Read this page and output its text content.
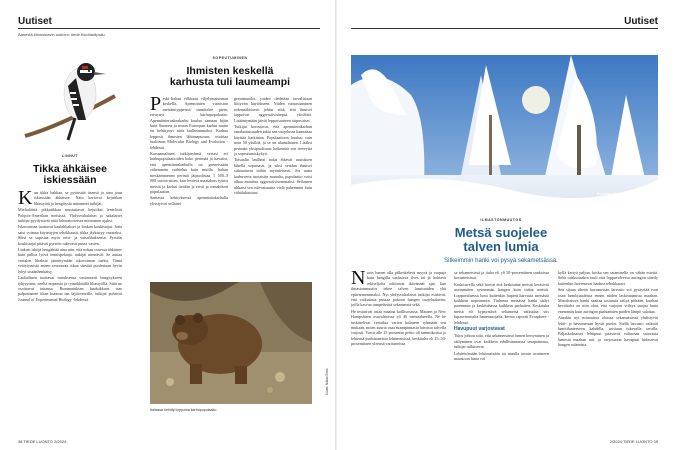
Uutiset
Äänestä kiinnostavin uutinen: tiede.fi/uutiskilpailu
LINNUT
Tikka ähkäisee
iskiessään

Kun tikka hakkaa, se pyöristää itsensä ja aina joun iskiessään ähkäisee. Näin kertovat kejuitkan lihastyötä ja hengitystä mitanneet tutkijat.

Mielialäistä pikkutikkaa mustuttavat kejuitkat lentelivät Pohjois-Amerikan metsissä. Yhdysvaltalaiset ja sakalaiset tutkijat pyydystivät niitä laboratorioissa mittausten ajaksi.

Iskuvoiman tuottavat kaulalihakset ja lonkan koukistajat. Jotta saisi voimaa käytettyjen tehokkaasti, tikka jäykistyy vasaraksi. Siksi se supistaa myös reisi- ja vatsalihaksensa. Pyrstön koukistajat pitävät pyrstön tukevasti puuta vasten.

Linkusi isköjä hengähtää aina niin, että nokan osuessa ähkäisee kuin palloa lyövä tennispelaaja, tutkijat nimeävät. Se auttaa vartalon lihaksia jännittymään iskuvoiman tueksi. Tämä vetäytymistä ennen seuraavaa iskua säestää puolestaan hyvin lyhyt sisäänhenkäisy.

Laulullinen tuottavat turtuksensa vastaavasti hengitykseen tyhjyyteen, neeltä nopeasta ja rytmikkäällä lihastyöllä. Siitä ne osoittavat taitansa. Rummutuksen laaduikkuus taas palpastamee tikan kunnon tan lajitovereille, tutkijat pohtivat Journal of Experimental Biology -lehdessä.

SOPEUTUMINEN
Ihmisten keskellä
karhusta tuli laumeampi

Peski-Italian vilkkaan viljelymaiseman keskellä, Apenniinien vuoriston metsämtyppeissä sinnittelee pieni, eristynyt karhupopulaatio. Apenniininruskeakarhu kuuluu samaan lajiin kuin Suomen ja muun Euroopan karhut mutta on kehittynyt niitä laulheammaksi. Karhua lepposti ihmisten lähinaapuruus, osoittaa tuoltimus Molecular Biology and Evolution -lehdessä.

Karsaamalinen tutkijaryhmä vertasi eri karhupopulaatioiden koko perimää ja havaitsi, että apenniininkarhulla on geeneissään vähemmän vaihtelua kuin muilla. Italian meskämmenen perimä jäipuolistaa 1 500–3 000 vuotta sitten, kun levärvä maatalous työnsi metsiä ja karhut tietilän ja eristi ja romahdutti populaation.

Samassa kehityksessä apenniininkarhulla yleistyivät sellaiset

geenimuodot, joiden tiedetään tarvalisiaan liittyvän käytökseen. Niiden runsastuminen todennäköisesti johtui siitä, että ihmiset tappoivat aggressiivisimpia yksilöitä. Lisääntymään jäivät leppoisuuteen taipuvaiset.

Tutkijat korostavat, että apenniininkarhun omalaatuisuuden takia sen suojelussa kannattaa käyttää harkintaa. Populaatioon kuuluu vain noin 50 yksilöä, ja se on uhanalainen. Lisäksi perimän yksipuolisuus heikentää sen terveyttä ja sopeutumiskykyä.

Toisaalta laulheat nalat eläävät asutuksen lähellä sopuisasti, ja siksi seudun ihmiset suhtautuvat niihin myönteisesti. Jos uutta karhuverta tuotaisiin muualta, populaatio voisi alkaa muuttua aggressiivisemmaksi. Seilainen uhkaisi sen tulevaisuutta vielä pahemmin kuin vähälukuisuus.

Italiassa kehittyi leppoisa karhupopulaatio.
38 TIEDE LUONTO 2/2024
Uutiset
Puuston suojelee lumen kerrymistä ja suluneiksi maanpinnalla.
ILMASTONMUUTOS
Metsä suojelee
talven lumia
Sitkeimmin hanki voi pysyä sekametsässä.
Kuvat: Niklas Eriss

Norin lumen alla pilkeskelevä myyrä ja varpuja kuin hangilla saalistava ilves tai jä hohtavä rekiseljoita odottavat ikävännät ajat, kun ilmastonmuutos tekee talven lumisuuden yhä epävarmemmaksi. Nyt yhdysvaltalaiset tutkijat esittävät, että vaikutusta puutaa pakoon hangen suojelualueita, joilla kasvaa tumpeiteittä sekametsiä sekä.

He testasivat asiaa maaina koillisosassa, Mainen ja New Hampshiren osavaltioissa yli 40 metsäalueella. Ne he tuskittelivat vertailua varten kolmeen ryhmään sen mukaan, miten suurta osaa maanpinnasta latvusto talvella varjosti. Varsti alle 25 prosentin peitto oli tammikoissa ja lehtensä pudottaneissa lehtimetsissä, keskituha eli 25–50-prosenttinen yleensä varttuneissa

sa sekametsissä ja tiuha eli yli 50-prosenttinen sankoissa havumetsissä.

Keskituvella sekä harvat että keskituhat metsät keräsivät useimmiten syvemmän hangen kuin tiuhat metsät. Loppuvaluessa lumi kuitenkin hupeni harvasta metsästä kaikkein nopeimmin. Tiuhassa metsässä hanki säilyi paremmin ja keskituhassa kaikkein parhaiten. Keskituha metsä eli kypsyntävä sekametsä vaikuttaa siis lupaavimmalta lumensuojalta, kertoo raportti Ecosphere -lehdessä.

Havupuut varjostavat

Tulos johtuu siitä, että sekametsässä lumen kertyminen ja säilyminen ovat kaikkein edullisimmassa tasapainossa, tutkijat tulkitsevat.

Lehdettömään lehtimetsään tai muulla tavoin avoimeen maastoon lunta voi

kyllä kertyä paljon, koska sen satamiselle on vähän esteitä. Sekä tuiskuttaakin tuuli että loppuvalvessa auringon säteily kuitenkin huventavat hankea tehokkaasti.

Sen sijaan tiheän havumetsän latvusto voi pysäyttää ison osan lumihiutaleista ennen niiden laskeutumista maahan. Muodostuva hanki saattaa tosiaasta säilyä pitkään, kunhan kevättalvi on niin ohut, että varjojen viileys suojaa lunta enemmän kuin auringon paahtamien puiden lämpö sulattaa.

Ainakin nyt mitatuissa oloissa sekametsässä yhdistyvät lehti- ja havumetsän hyvät puolet. Siellä latvusto vaikutti lumitilanteeseen kahdella, toisiaan tukevalla tavalla. Paljaskoksaiset lehtipuut päästivät valtaosan satavasta lumesta maahan asti, ja varjostavat havupuut hidastivat hangen sulamista.

2/2024 TIEDE LUONTO 39
